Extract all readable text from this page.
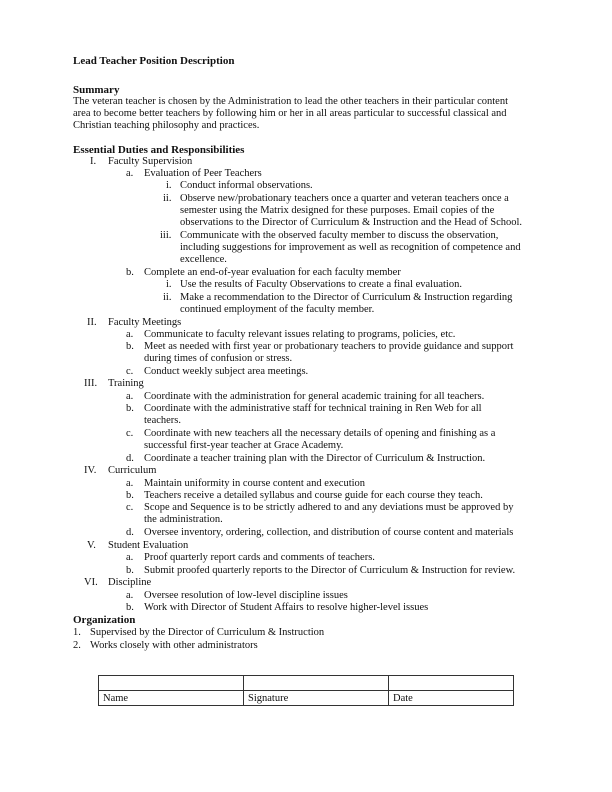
Lead Teacher Position Description
Summary
The veteran teacher is chosen by the Administration to lead the other teachers in their particular content
area to become better teachers by following him or her in all areas particular to successful classical and
Christian teaching philosophy and practices.
Essential Duties and Responsibilities
I. Faculty Supervision
a. Evaluation of Peer Teachers
i. Conduct informal observations.
ii. Observe new/probationary teachers once a quarter and veteran teachers once a
semester using the Matrix designed for these purposes. Email copies of the
observations to the Director of Curriculum & Instruction and the Head of School.
iii. Communicate with the observed faculty member to discuss the observation,
including suggestions for improvement as well as recognition of competence and
excellence.
b. Complete an end-of-year evaluation for each faculty member
i. Use the results of Faculty Observations to create a final evaluation.
ii. Make a recommendation to the Director of Curriculum & Instruction regarding
continued employment of the faculty member.
II. Faculty Meetings
a. Communicate to faculty relevant issues relating to programs, policies, etc.
b. Meet as needed with first year or probationary teachers to provide guidance and support
during times of confusion or stress.
c. Conduct weekly subject area meetings.
III. Training
a. Coordinate with the administration for general academic training for all teachers.
b. Coordinate with the administrative staff for technical training in Ren Web for all
teachers.
c. Coordinate with new teachers all the necessary details of opening and finishing as a
successful first-year teacher at Grace Academy.
d. Coordinate a teacher training plan with the Director of Curriculum & Instruction.
IV. Curriculum
a. Maintain uniformity in course content and execution
b. Teachers receive a detailed syllabus and course guide for each course they teach.
c. Scope and Sequence is to be strictly adhered to and any deviations must be approved by
the administration.
d. Oversee inventory, ordering, collection, and distribution of course content and materials
V. Student Evaluation
a. Proof quarterly report cards and comments of teachers.
b. Submit proofed quarterly reports to the Director of Curriculum & Instruction for review.
VI. Discipline
a. Oversee resolution of low-level discipline issues
b. Work with Director of Student Affairs to resolve higher-level issues
Organization
1. Supervised by the Director of Curriculum & Instruction
2. Works closely with other administrators

Name	Signature	Date
